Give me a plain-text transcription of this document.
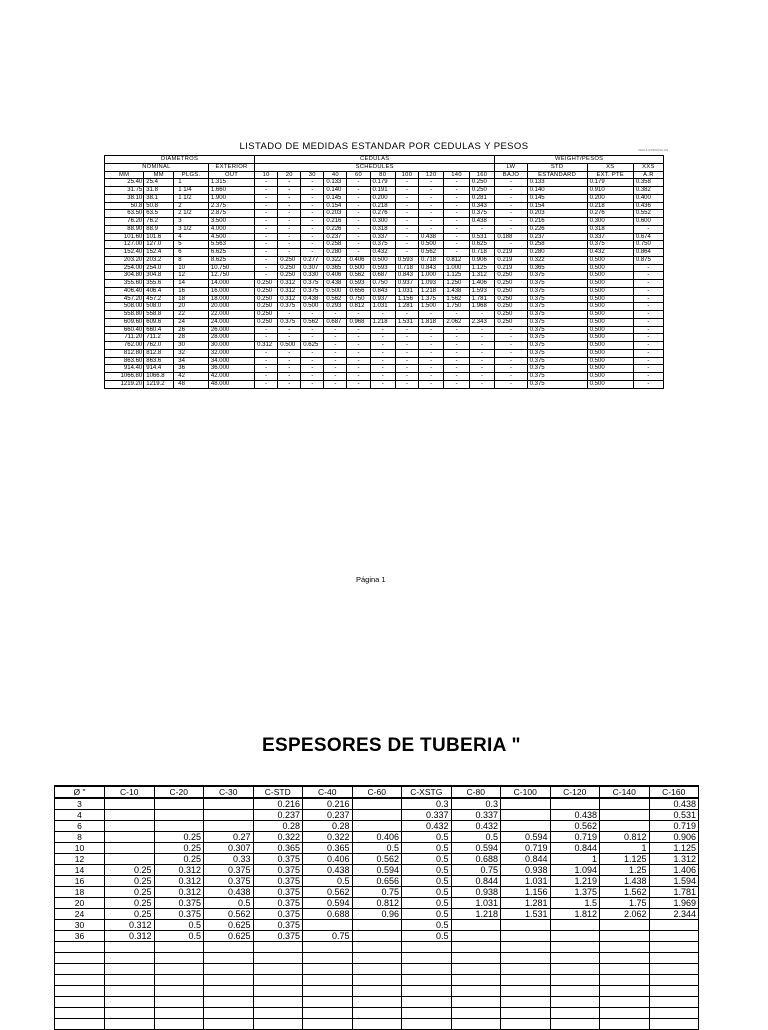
LISTADO DE MEDIDAS ESTANDAR POR CEDULAS Y PESOS	CEDULA/PESOS/LOS
DIAMETROS				CEDULAS										WEIGHT/PESOS			
NOMINAL			EXTERIOR	SCHEDULES										LW	STD	XS	XXS
MM	MM	PLGS.	OUT	10	20	30	40	60	80	100	120	140	160	BAJO	ESTANDARD	EXT. PTE	A.R
25.40	25.4	1	1.315	-	-	-	0.133	-	0.179	-	-	-	0.250	-	0.133	0.179	0.358
31.75	31.8	1 1/4	1.660	-	-	-	0.140	-	0.191	-	-	-	0.250	-	0.140	0.910	0.382
38.10	38.1	1 1/2	1.900	-	-	-	0.145	-	0.200	-	-	-	0.281	-	0.145	0.200	0.400
50.8	50.8	2	2.375	-	-	-	0.154	-	0.218	-	-	-	0.343	-	0.154	0.218	0.436
63.50	63.5	2 1/2	2.875	-	-	-	0.203	-	0.276	-	-	-	0.375	-	0.203	0.276	0.552
76.20	76.2	3	3.500	-	-	-	0.216	-	0.300	-	-	-	0.438	-	0.216	0.300	0.600
88.90	88.9	3 1/2	4.000	-	-	-	0.226	-	0.318	-	-	-	-	-	0.226	0.318	-
101.60	101.6	4	4.500	-	-	-	0.237	-	0.337	-	0.438	-	0.531	0.188	0.237	0.337	0.674
127.00	127.0	5	5.563	-	-	-	0.258	-	0.375	-	0.500	-	0.625	-	0.258	0.375	0.750
152.40	152.4	6	6.625	-	-	-	0.280	-	0.432	-	0.562	-	0.718	0.219	0.280	0.432	0.864
203.20	203.2	8	8.625	-	0.250	0.277	0.322	0.406	0.500	0.593	0.718	0.812	0.906	0.219	0.322	0.500	0.875
254.00	254.0	10	10.750	-	0.250	0.307	0.365	0.500	0.593	0.718	0.843	1.000	1.125	0.219	0.365	0.500	-
304.80	304.8	12	12.750	-	0.250	0.330	0.406	0.562	0.687	0.843	1.000	1.125	1.312	0.250	0.375	0.500	-
355.60	355.6	14	14.000	0.250	0.312	0.375	0.438	0.593	0.750	0.937	1.093	1.250	1.406	0.250	0.375	0.500	-
406.40	406.4	16	16.000	0.250	0.312	0.375	0.500	0.656	0.843	1.031	1.218	1.438	1.593	0.250	0.375	0.500	-
457.20	457.2	18	18.000	0.250	0.312	0.438	0.562	0.750	0.937	1.156	1.375	1.562	1.781	0.250	0.375	0.500	-
508.00	508.0	20	20.000	0.250	0.375	0.500	0.293	0.812	1.031	1.281	1.500	1.750	1.968	0.250	0.375	0.500	-
558.80	558.8	22	22.000	0.250	-	-	-	-	-	-	-	-	-	0.250	0.375	0.500	-
609.60	609.6	24	24.000	0.250	0.375	0.562	0.687	0.968	1.218	1.531	1.818	2.062	2.343	0.250	0.375	0.500	-
660.40	660.4	26	26.000	-	-	-	-	-	-	-	-	-	-	-	0.375	0.500	-
711.20	711.2	28	28.000	-	-	-	-	-	-	-	-	-	-	-	0.375	0.500	-
762.00	762.0	30	30.000	0.312	0.500	0.625	-	-	-	-	-	-	-	-	0.375	0.500	-
812.80	812.8	32	32.000	-	-	-	-	-	-	-	-	-	-	-	0.375	0.500	-
863.60	863.6	34	34.000	-	-	-	-	-	-	-	-	-	-	-	0.375	0.500	-
914.40	914.4	36	36.000	-	-	-	-	-	-	-	-	-	-	-	0.375	0.500	-
1066.80	1066.8	42	42.000	-	-	-	-	-	-	-	-	-	-	-	0.375	0.500	-
1219.20	1219.2	48	48.000	-	-	-	-	-	-	-	-	-	-	-	0.375	0.500	-
Página 1
ESPESORES DE TUBERIA "
Ø "	C-10	C-20	C-30	C-STD	C-40	C-60	C-XSTG	C-80	C-100	C-120	C-140	C-160
3				0.216	0.216		0.3	0.3				0.438
4				0.237	0.237		0.337	0.337		0.438		0.531
6				0.28	0.28		0.432	0.432		0.562		0.719
8		0.25	0.27	0.322	0.322	0.406	0.5	0.5	0.594	0.719	0.812	0.906
10		0.25	0.307	0.365	0.365	0.5	0.5	0.594	0.719	0.844	1	1.125
12		0.25	0.33	0.375	0.406	0.562	0.5	0.688	0.844	1	1.125	1.312
14	0.25	0.312	0.375	0.375	0.438	0.594	0.5	0.75	0.938	1.094	1.25	1.406
16	0.25	0.312	0.375	0.375	0.5	0.656	0.5	0.844	1.031	1.219	1.438	1.594
18	0.25	0.312	0.438	0.375	0.562	0.75	0.5	0.938	1.156	1.375	1.562	1.781
20	0.25	0.375	0.5	0.375	0.594	0.812	0.5	1.031	1.281	1.5	1.75	1.969
24	0.25	0.375	0.562	0.375	0.688	0.96	0.5	1.218	1.531	1.812	2.062	2.344
30	0.312	0.5	0.625	0.375			0.5					
36	0.312	0.5	0.625	0.375	0.75		0.5					
